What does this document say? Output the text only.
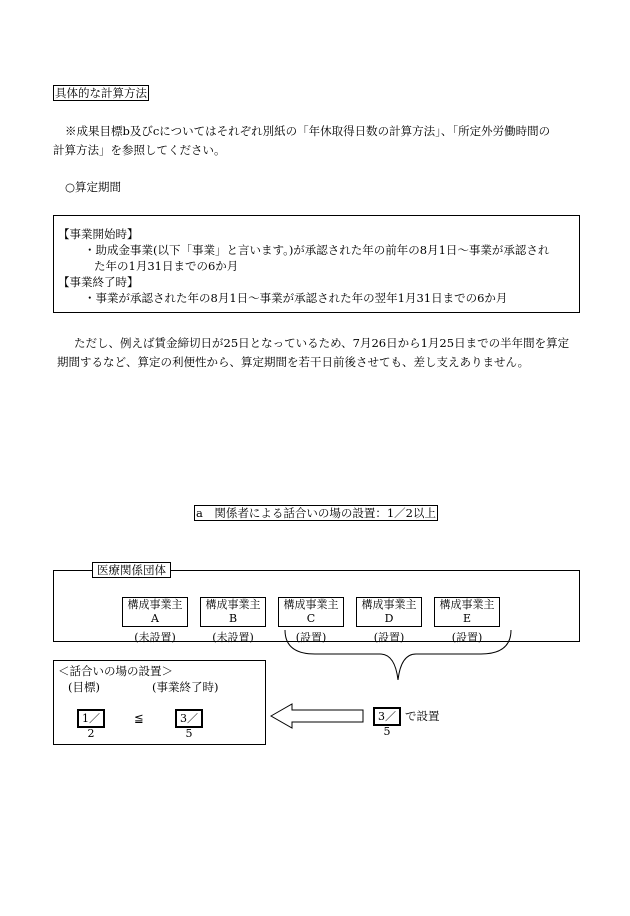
具体的な計算方法
※成果目標b及びcについてはそれぞれ別紙の「年休取得日数の計算方法」、「所定外労働時間の
計算方法」を参照してください。
○算定期間
【事業開始時】
・助成金事業(以下「事業」と言います。)が承認された年の前年の8月1日～事業が承認され
た年の1月31日までの6か月
【事業終了時】
・事業が承認された年の8月1日～事業が承認された年の翌年1月31日までの6か月
ただし、例えば賃金締切日が25日となっているため、7月26日から1月25日までの半年間を算定
期間するなど、算定の利便性から、算定期間を若干日前後させても、差し支えありません。
a　関係者による話合いの場の設置：1／2以上
医療関係団体
構成事業主A
(未設置)
構成事業主B
(未設置)
構成事業主C
(設置)
構成事業主D
(設置)
構成事業主E
(設置)
＜話合いの場の設置＞
(目標)	(事業終了時)
1／2
≦	3／5
3／5
で設置
